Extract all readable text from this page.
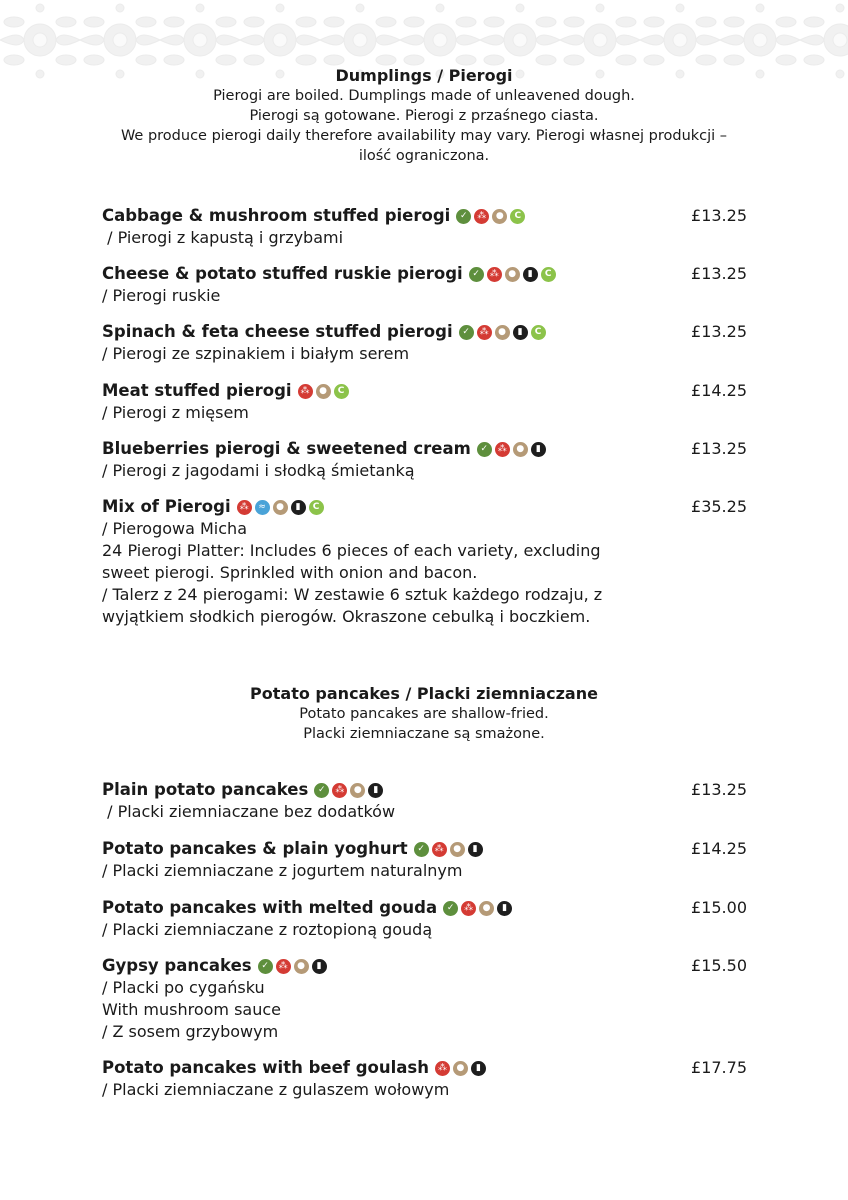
Dumplings / Pierogi
Pierogi are boiled. Dumplings made of unleavened dough.
Pierogi są gotowane. Pierogi z przaśnego ciasta.
We produce pierogi daily therefore availability may vary. Pierogi własnej produkcji –
ilość ograniczona.
Cabbage & mushroom stuffed pierogi	✓	⁂	●	C	£13.25
/ Pierogi z kapustą i grzybami
Cheese & potato stuffed ruskie pierogi	✓	⁂	●	▮	C	£13.25
/ Pierogi ruskie
Spinach & feta cheese stuffed pierogi	✓	⁂	●	▮	C	£13.25
/ Pierogi ze szpinakiem i białym serem
Meat stuffed pierogi	⁂	●	C	£14.25
/ Pierogi z mięsem
Blueberries pierogi & sweetened cream	✓	⁂	●	▮	£13.25
/ Pierogi z jagodami i słodką śmietanką
Mix of Pierogi	⁂	≈	●	▮	C	£35.25
/ Pierogowa Micha
24 Pierogi Platter: Includes 6 pieces of each variety, excluding
sweet pierogi. Sprinkled with onion and bacon.
/ Talerz z 24 pierogami: W zestawie 6 sztuk każdego rodzaju, z
wyjątkiem słodkich pierogów. Okraszone cebulką i boczkiem.
Potato pancakes / Placki ziemniaczane
Potato pancakes are shallow-fried.
Placki ziemniaczane są smażone.
Plain potato pancakes	✓	⁂	●	▮	£13.25
/ Placki ziemniaczane bez dodatków
Potato pancakes & plain yoghurt	✓	⁂	●	▮	£14.25
/ Placki ziemniaczane z jogurtem naturalnym
Potato pancakes with melted gouda	✓	⁂	●	▮	£15.00
/ Placki ziemniaczane z roztopioną goudą
Gypsy pancakes	✓	⁂	●	▮	£15.50
/ Placki po cygańsku
With mushroom sauce
/ Z sosem grzybowym
Potato pancakes with beef goulash	⁂	●	▮	£17.75
/ Placki ziemniaczane z gulaszem wołowym
